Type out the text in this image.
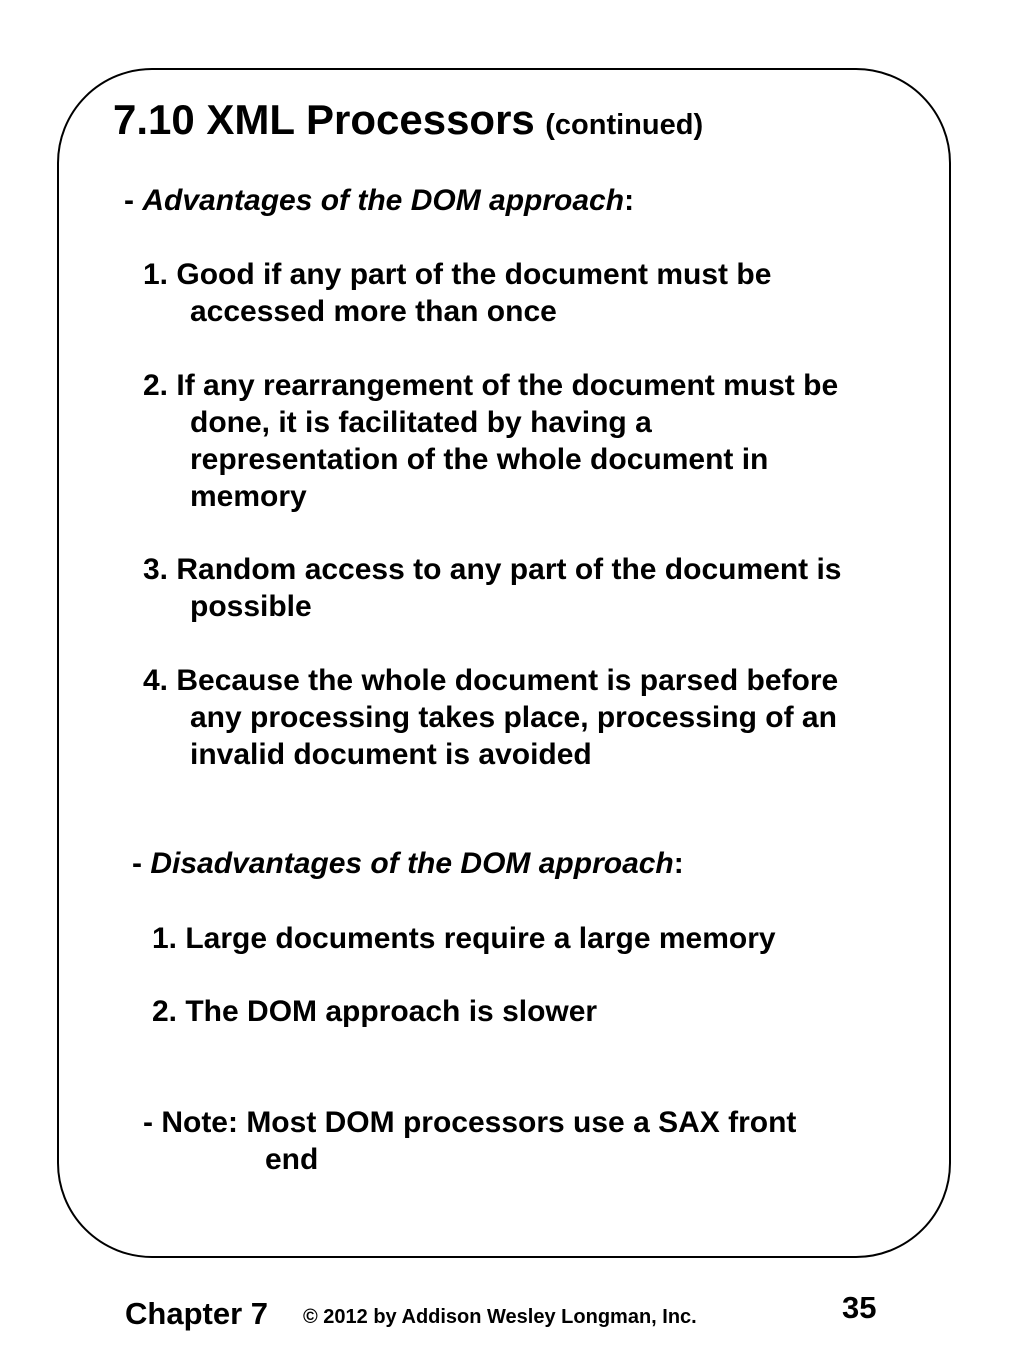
7.10 XML Processors (continued)
- Advantages of the DOM approach:
1. Good if any part of the document must be
accessed more than once
2. If any rearrangement of the document must be
done, it is facilitated by having a
representation of the whole document in
memory
3. Random access to any part of the document is
possible
4. Because the whole document is parsed before
any processing takes place, processing of an
invalid document is avoided
- Disadvantages of the DOM approach:
1. Large documents require a large memory
2. The DOM approach is slower
- Note: Most DOM processors use a SAX front
end
Chapter 7 © 2012 by Addison Wesley Longman, Inc.	35
